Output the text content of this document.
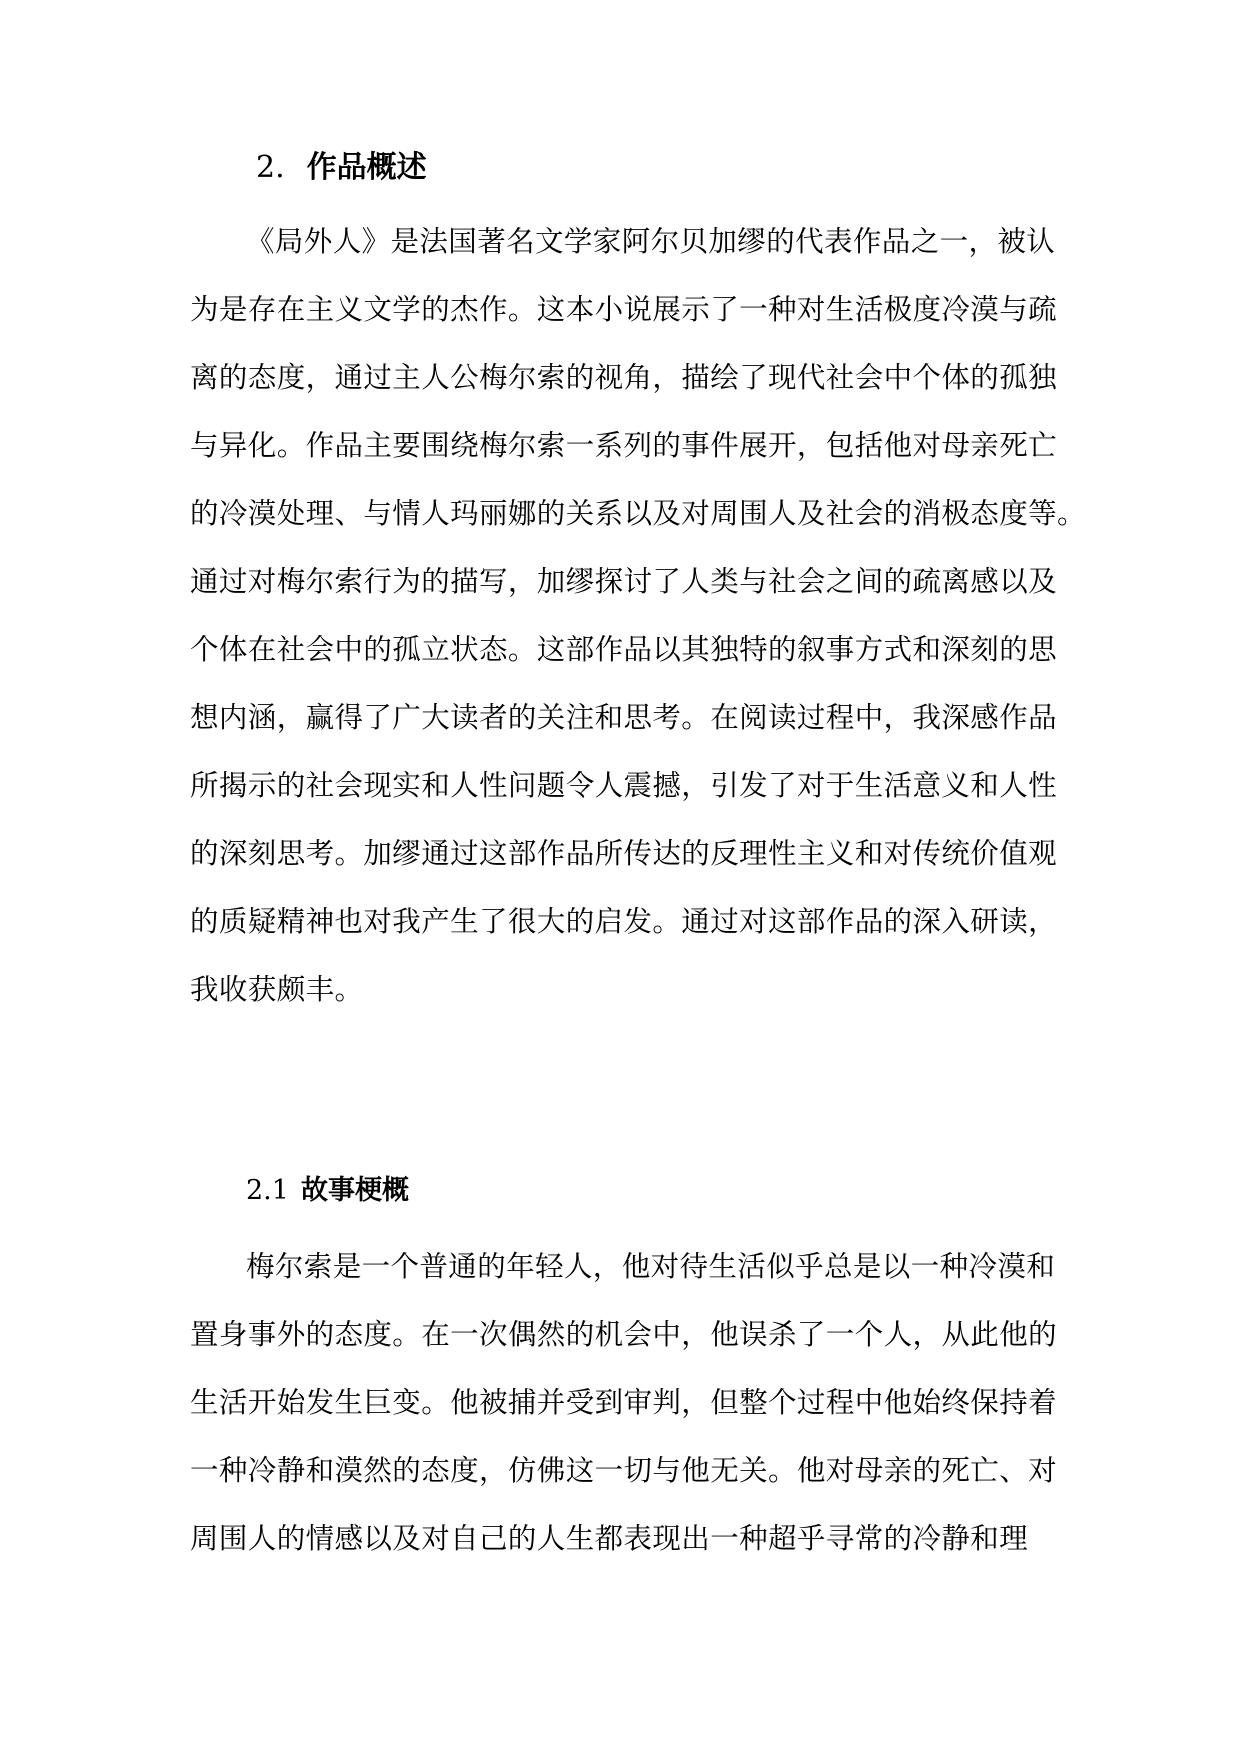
2. 作品概述
《局外人》是法国著名文学家阿尔贝加缪的代表作品之一，被认
为是存在主义文学的杰作。这本小说展示了一种对生活极度冷漠与疏
离的态度，通过主人公梅尔索的视角，描绘了现代社会中个体的孤独
与异化。作品主要围绕梅尔索一系列的事件展开，包括他对母亲死亡
的冷漠处理、与情人玛丽娜的关系以及对周围人及社会的消极态度等。
通过对梅尔索行为的描写，加缪探讨了人类与社会之间的疏离感以及
个体在社会中的孤立状态。这部作品以其独特的叙事方式和深刻的思
想内涵，赢得了广大读者的关注和思考。在阅读过程中，我深感作品
所揭示的社会现实和人性问题令人震撼，引发了对于生活意义和人性
的深刻思考。加缪通过这部作品所传达的反理性主义和对传统价值观
的质疑精神也对我产生了很大的启发。通过对这部作品的深入研读，
我收获颇丰。
2.1 故事梗概
梅尔索是一个普通的年轻人，他对待生活似乎总是以一种冷漠和
置身事外的态度。在一次偶然的机会中，他误杀了一个人，从此他的
生活开始发生巨变。他被捕并受到审判，但整个过程中他始终保持着
一种冷静和漠然的态度，仿佛这一切与他无关。他对母亲的死亡、对
周围人的情感以及对自己的人生都表现出一种超乎寻常的冷静和理
